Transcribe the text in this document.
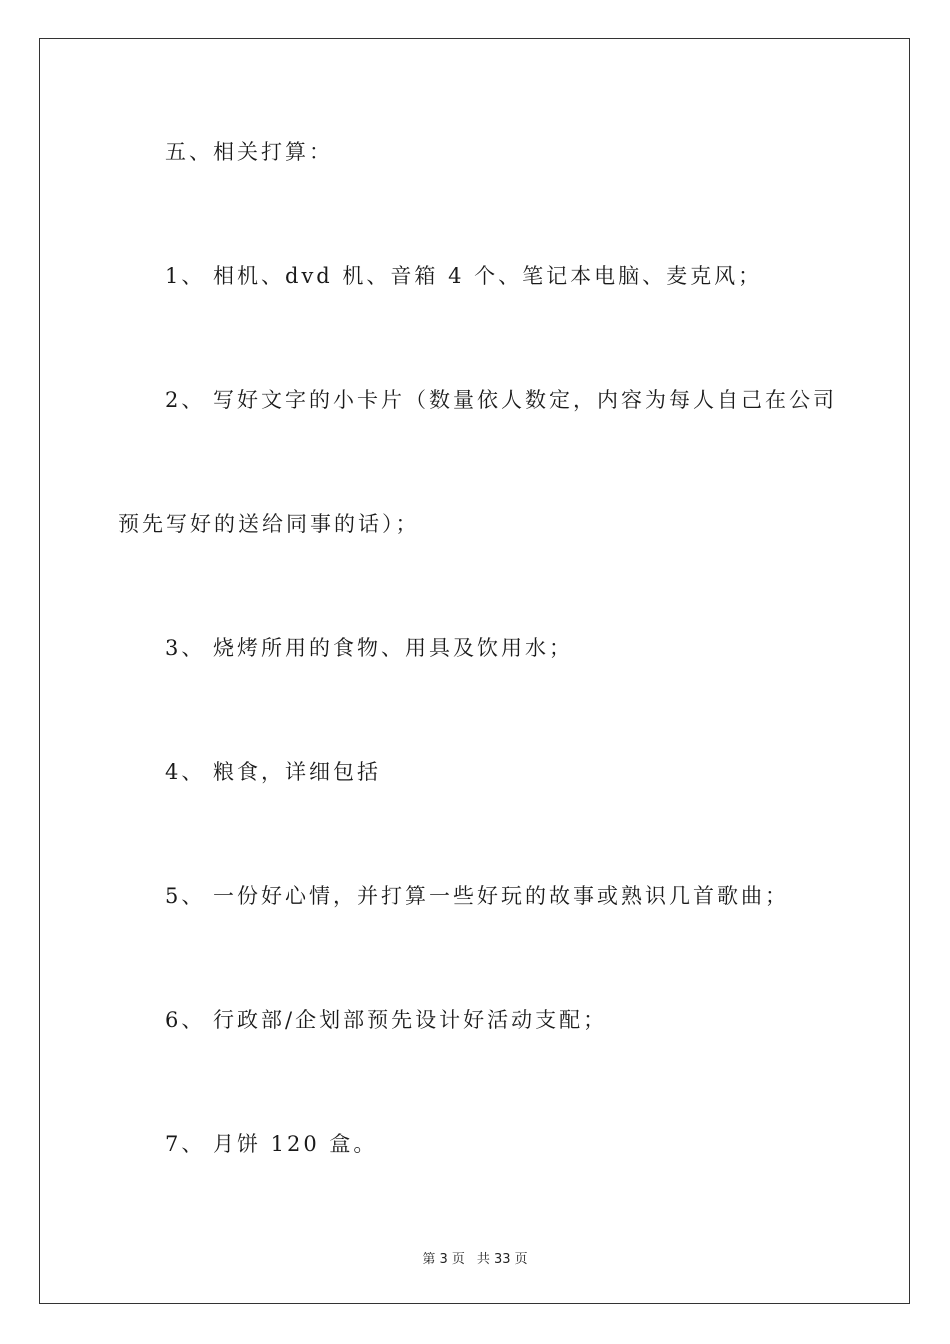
五、相关打算：
1、 相机、dvd 机、音箱 4 个、笔记本电脑、麦克风；
2、 写好文字的小卡片（数量依人数定，内容为每人自己在公司
预先写好的送给同事的话）；
3、 烧烤所用的食物、用具及饮用水；
4、 粮食，详细包括
5、 一份好心情，并打算一些好玩的故事或熟识几首歌曲；
6、 行政部/企划部预先设计好活动支配；
7、 月饼 120 盒。
第 3 页 共 33 页
